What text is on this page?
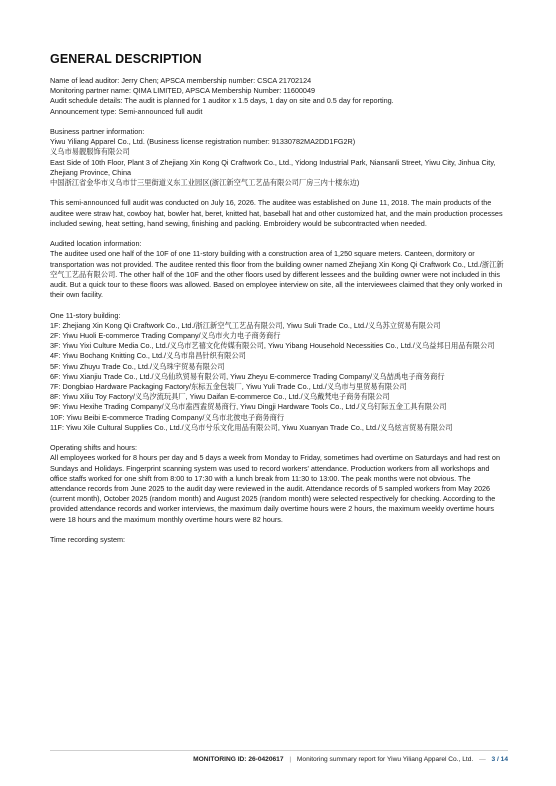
GENERAL DESCRIPTION
Name of lead auditor: Jerry Chen; APSCA membership number: CSCA 21702124
Monitoring partner name: QIMA LIMITED, APSCA Membership Number: 11600049
Audit schedule details: The audit is planned for 1 auditor x 1.5 days, 1 day on site and 0.5 day for reporting.
Announcement type: Semi-announced full audit
Business partner information:
Yiwu Yiliang Apparel Co., Ltd. (Business license registration number: 91330782MA2DD1FG2R)
义乌市易靓服饰有限公司
East Side of 10th Floor, Plant 3 of Zhejiang Xin Kong Qi Craftwork Co., Ltd., Yidong Industrial Park, Niansanli Street, Yiwu City, Jinhua City, Zhejiang Province, China
中国浙江省金华市义乌市廿三里街道义东工业园区(浙江新空气工艺品有限公司厂房三内十楼东边)
This semi-announced full audit was conducted on July 16, 2026. The auditee was established on June 11, 2018. The main products of the auditee were straw hat, cowboy hat, bowler hat, beret, knitted hat, baseball hat and other customized hat, and the main production processes included sewing, heat setting, hand sewing, finishing and packing. Embroidery would be subcontracted when needed.
Audited location information:
The auditee used one half of the 10F of one 11-story building with a construction area of 1,250 square meters. Canteen, dormitory or transportation was not provided. The auditee rented this floor from the building owner named Zhejiang Xin Kong Qi Craftwork Co., Ltd./浙江新空气工艺品有限公司. The other half of the 10F and the other floors used by different lessees and the building owner were not included in this audit. But a quick tour to these floors was allowed. Based on employee interview on site, all the interviewees claimed that they only worked in their own facility.
One 11-story building:
1F: Zhejiang Xin Kong Qi Craftwork Co., Ltd./浙江新空气工艺品有限公司, Yiwu Suli Trade Co., Ltd./义乌苏立贸易有限公司
2F: Yiwu Huoli E-commerce Trading Company/义乌市火力电子商务商行
3F: Yiwu Yixi Culture Media Co., Ltd./义乌市艺禧文化传媒有限公司, Yiwu Yibang Household Necessities Co., Ltd./义乌益邦日用品有限公司
4F: Yiwu Bochang Knitting Co., Ltd./义乌市帛昌针织有限公司
5F: Yiwu Zhuyu Trade Co., Ltd./义乌珠宇贸易有限公司
6F: Yiwu Xianjiu Trade Co., Ltd./义乌仙玖贸易有限公司, Yiwu Zheyu E-commerce Trading Company/义乌喆禹电子商务商行
7F: Dongbiao Hardware Packaging Factory/东标五金包装厂, Yiwu Yuli Trade Co., Ltd./义乌市与里贸易有限公司
8F: Yiwu Xiliu Toy Factory/义乌汐流玩具厂, Yiwu Daifan E-commerce Co., Ltd./义乌戴梵电子商务有限公司
9F: Yiwu Hexihe Trading Company/义乌市盍西盍贸易商行, Yiwu Dingji Hardware Tools Co., Ltd./义乌钉际五金工具有限公司
10F: Yiwu Beibi E-commerce Trading Company/义乌市北彼电子商务商行
11F: Yiwu Xile Cultural Supplies Co., Ltd./义乌市兮乐文化用品有限公司, Yiwu Xuanyan Trade Co., Ltd./义乌炫言贸易有限公司
Operating shifts and hours:
All employees worked for 8 hours per day and 5 days a week from Monday to Friday, sometimes had overtime on Saturdays and had rest on Sundays and Holidays. Fingerprint scanning system was used to record workers' attendance. Production workers from all workshops and office staffs worked for one shift from 8:00 to 17:30 with a lunch break from 11:30 to 13:00. The peak months were not obvious. The attendance records from June 2025 to the audit day were reviewed in the audit. Attendance records of 5 sampled workers from May 2026 (current month), October 2025 (random month) and August 2025 (random month) were selected respectively for checking. According to the provided attendance records and worker interviews, the maximum daily overtime hours were 2 hours, the maximum weekly overtime hours were 18 hours and the maximum monthly overtime hours were 82 hours.
Time recording system:
MONITORING ID: 26-0420617 | Monitoring summary report for Yiwu Yiliang Apparel Co., Ltd. — 3 / 14
